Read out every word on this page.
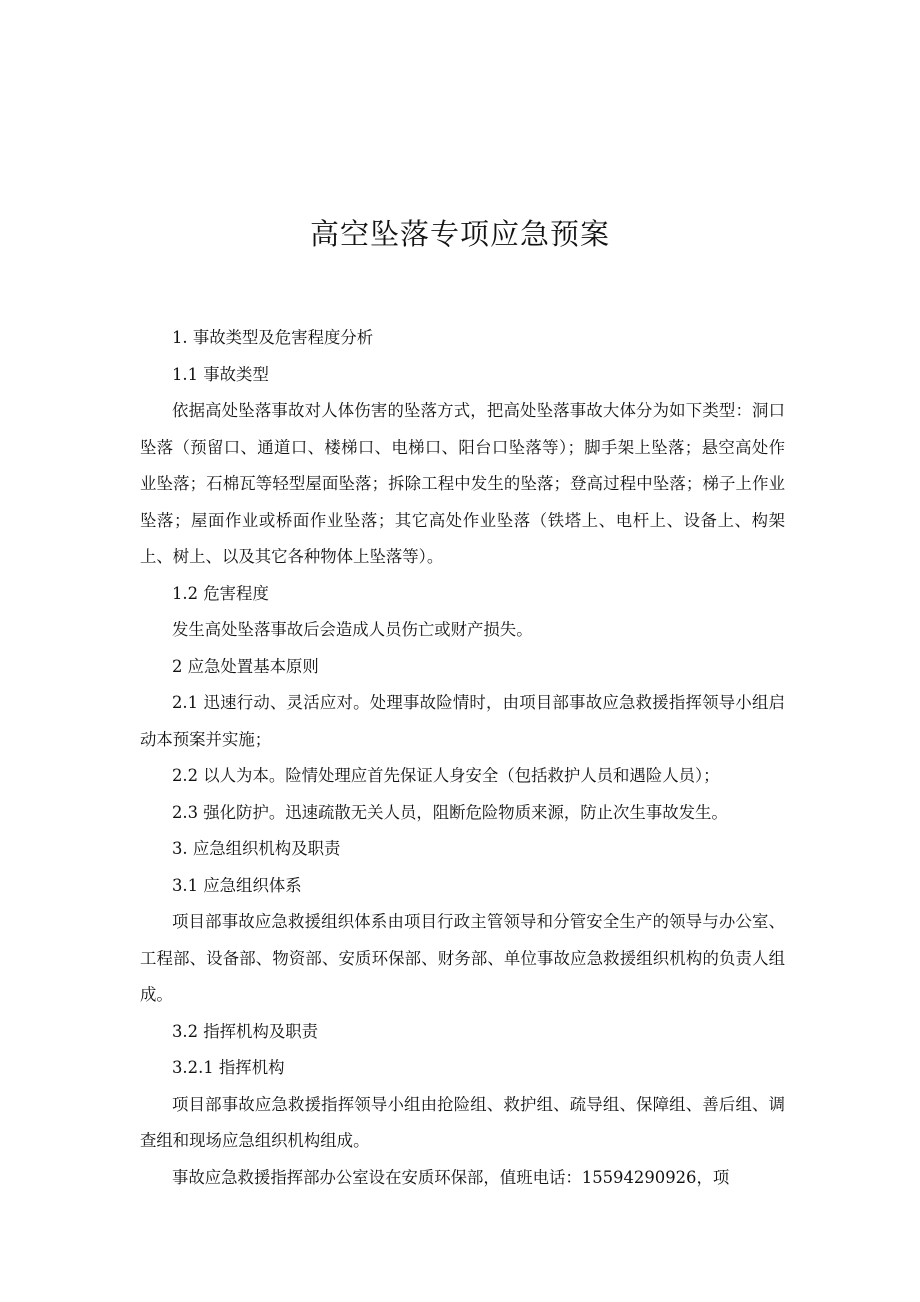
高空坠落专项应急预案

1. 事故类型及危害程度分析

1.1 事故类型

依据高处坠落事故对人体伤害的坠落方式，把高处坠落事故大体分为如下类型：洞口坠落（预留口、通道口、楼梯口、电梯口、阳台口坠落等）；脚手架上坠落；悬空高处作业坠落；石棉瓦等轻型屋面坠落；拆除工程中发生的坠落；登高过程中坠落；梯子上作业坠落；屋面作业或桥面作业坠落；其它高处作业坠落（铁塔上、电杆上、设备上、构架上、树上、以及其它各种物体上坠落等）。

1.2 危害程度

发生高处坠落事故后会造成人员伤亡或财产损失。

2 应急处置基本原则

2.1 迅速行动、灵活应对。处理事故险情时，由项目部事故应急救援指挥领导小组启动本预案并实施；

2.2 以人为本。险情处理应首先保证人身安全（包括救护人员和遇险人员）；

2.3 强化防护。迅速疏散无关人员，阻断危险物质来源，防止次生事故发生。

3. 应急组织机构及职责

3.1 应急组织体系

项目部事故应急救援组织体系由项目行政主管领导和分管安全生产的领导与办公室、工程部、设备部、物资部、安质环保部、财务部、单位事故应急救援组织机构的负责人组成。

3.2 指挥机构及职责

3.2.1 指挥机构

项目部事故应急救援指挥领导小组由抢险组、救护组、疏导组、保障组、善后组、调查组和现场应急组织机构组成。

事故应急救援指挥部办公室设在安质环保部，值班电话：15594290926，项
